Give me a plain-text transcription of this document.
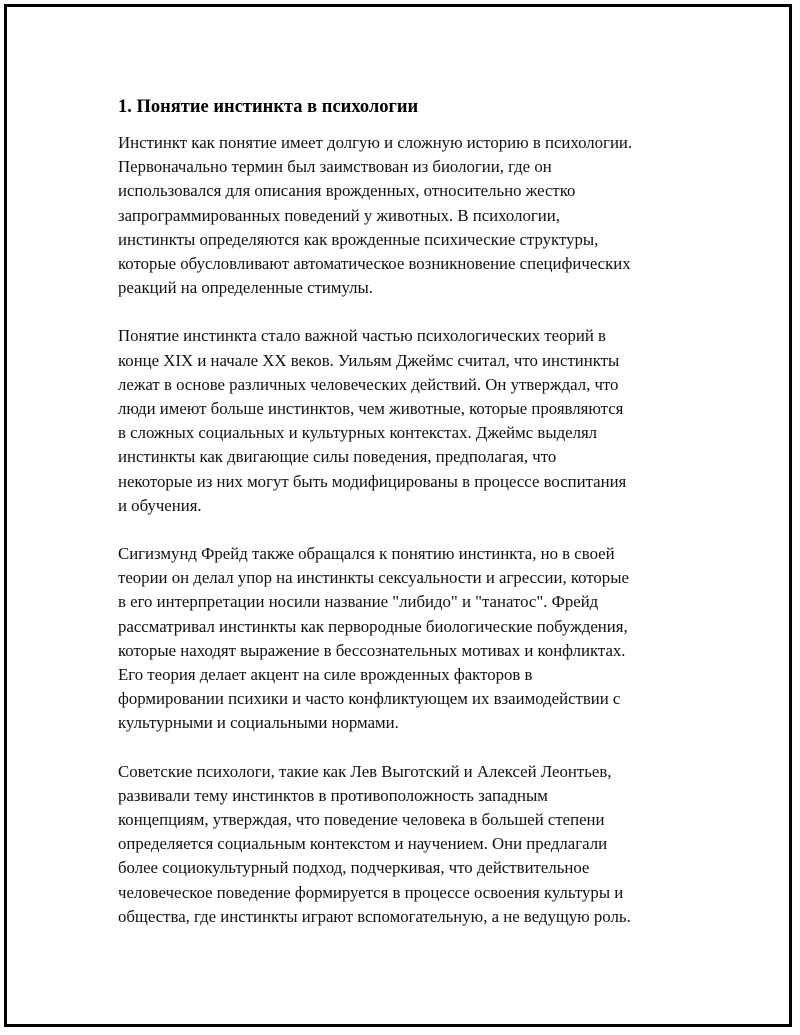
1. Понятие инстинкта в психологии

Инстинкт как понятие имеет долгую и сложную историю в психологии.
Первоначально термин был заимствован из биологии, где он
использовался для описания врожденных, относительно жестко
запрограммированных поведений у животных. В психологии,
инстинкты определяются как врожденные психические структуры,
которые обусловливают автоматическое возникновение специфических
реакций на определенные стимулы.

Понятие инстинкта стало важной частью психологических теорий в
конце XIX и начале XX веков. Уильям Джеймс считал, что инстинкты
лежат в основе различных человеческих действий. Он утверждал, что
люди имеют больше инстинктов, чем животные, которые проявляются
в сложных социальных и культурных контекстах. Джеймс выделял
инстинкты как двигающие силы поведения, предполагая, что
некоторые из них могут быть модифицированы в процессе воспитания
и обучения.

Сигизмунд Фрейд также обращался к понятию инстинкта, но в своей
теории он делал упор на инстинкты сексуальности и агрессии, которые
в его интерпретации носили название "либидо" и "танатос". Фрейд
рассматривал инстинкты как первородные биологические побуждения,
которые находят выражение в бессознательных мотивах и конфликтах.
Его теория делает акцент на силе врожденных факторов в
формировании психики и часто конфликтующем их взаимодействии с
культурными и социальными нормами.

Советские психологи, такие как Лев Выготский и Алексей Леонтьев,
развивали тему инстинктов в противоположность западным
концепциям, утверждая, что поведение человека в большей степени
определяется социальным контекстом и научением. Они предлагали
более социокультурный подход, подчеркивая, что действительное
человеческое поведение формируется в процессе освоения культуры и
общества, где инстинкты играют вспомогательную, а не ведущую роль.
